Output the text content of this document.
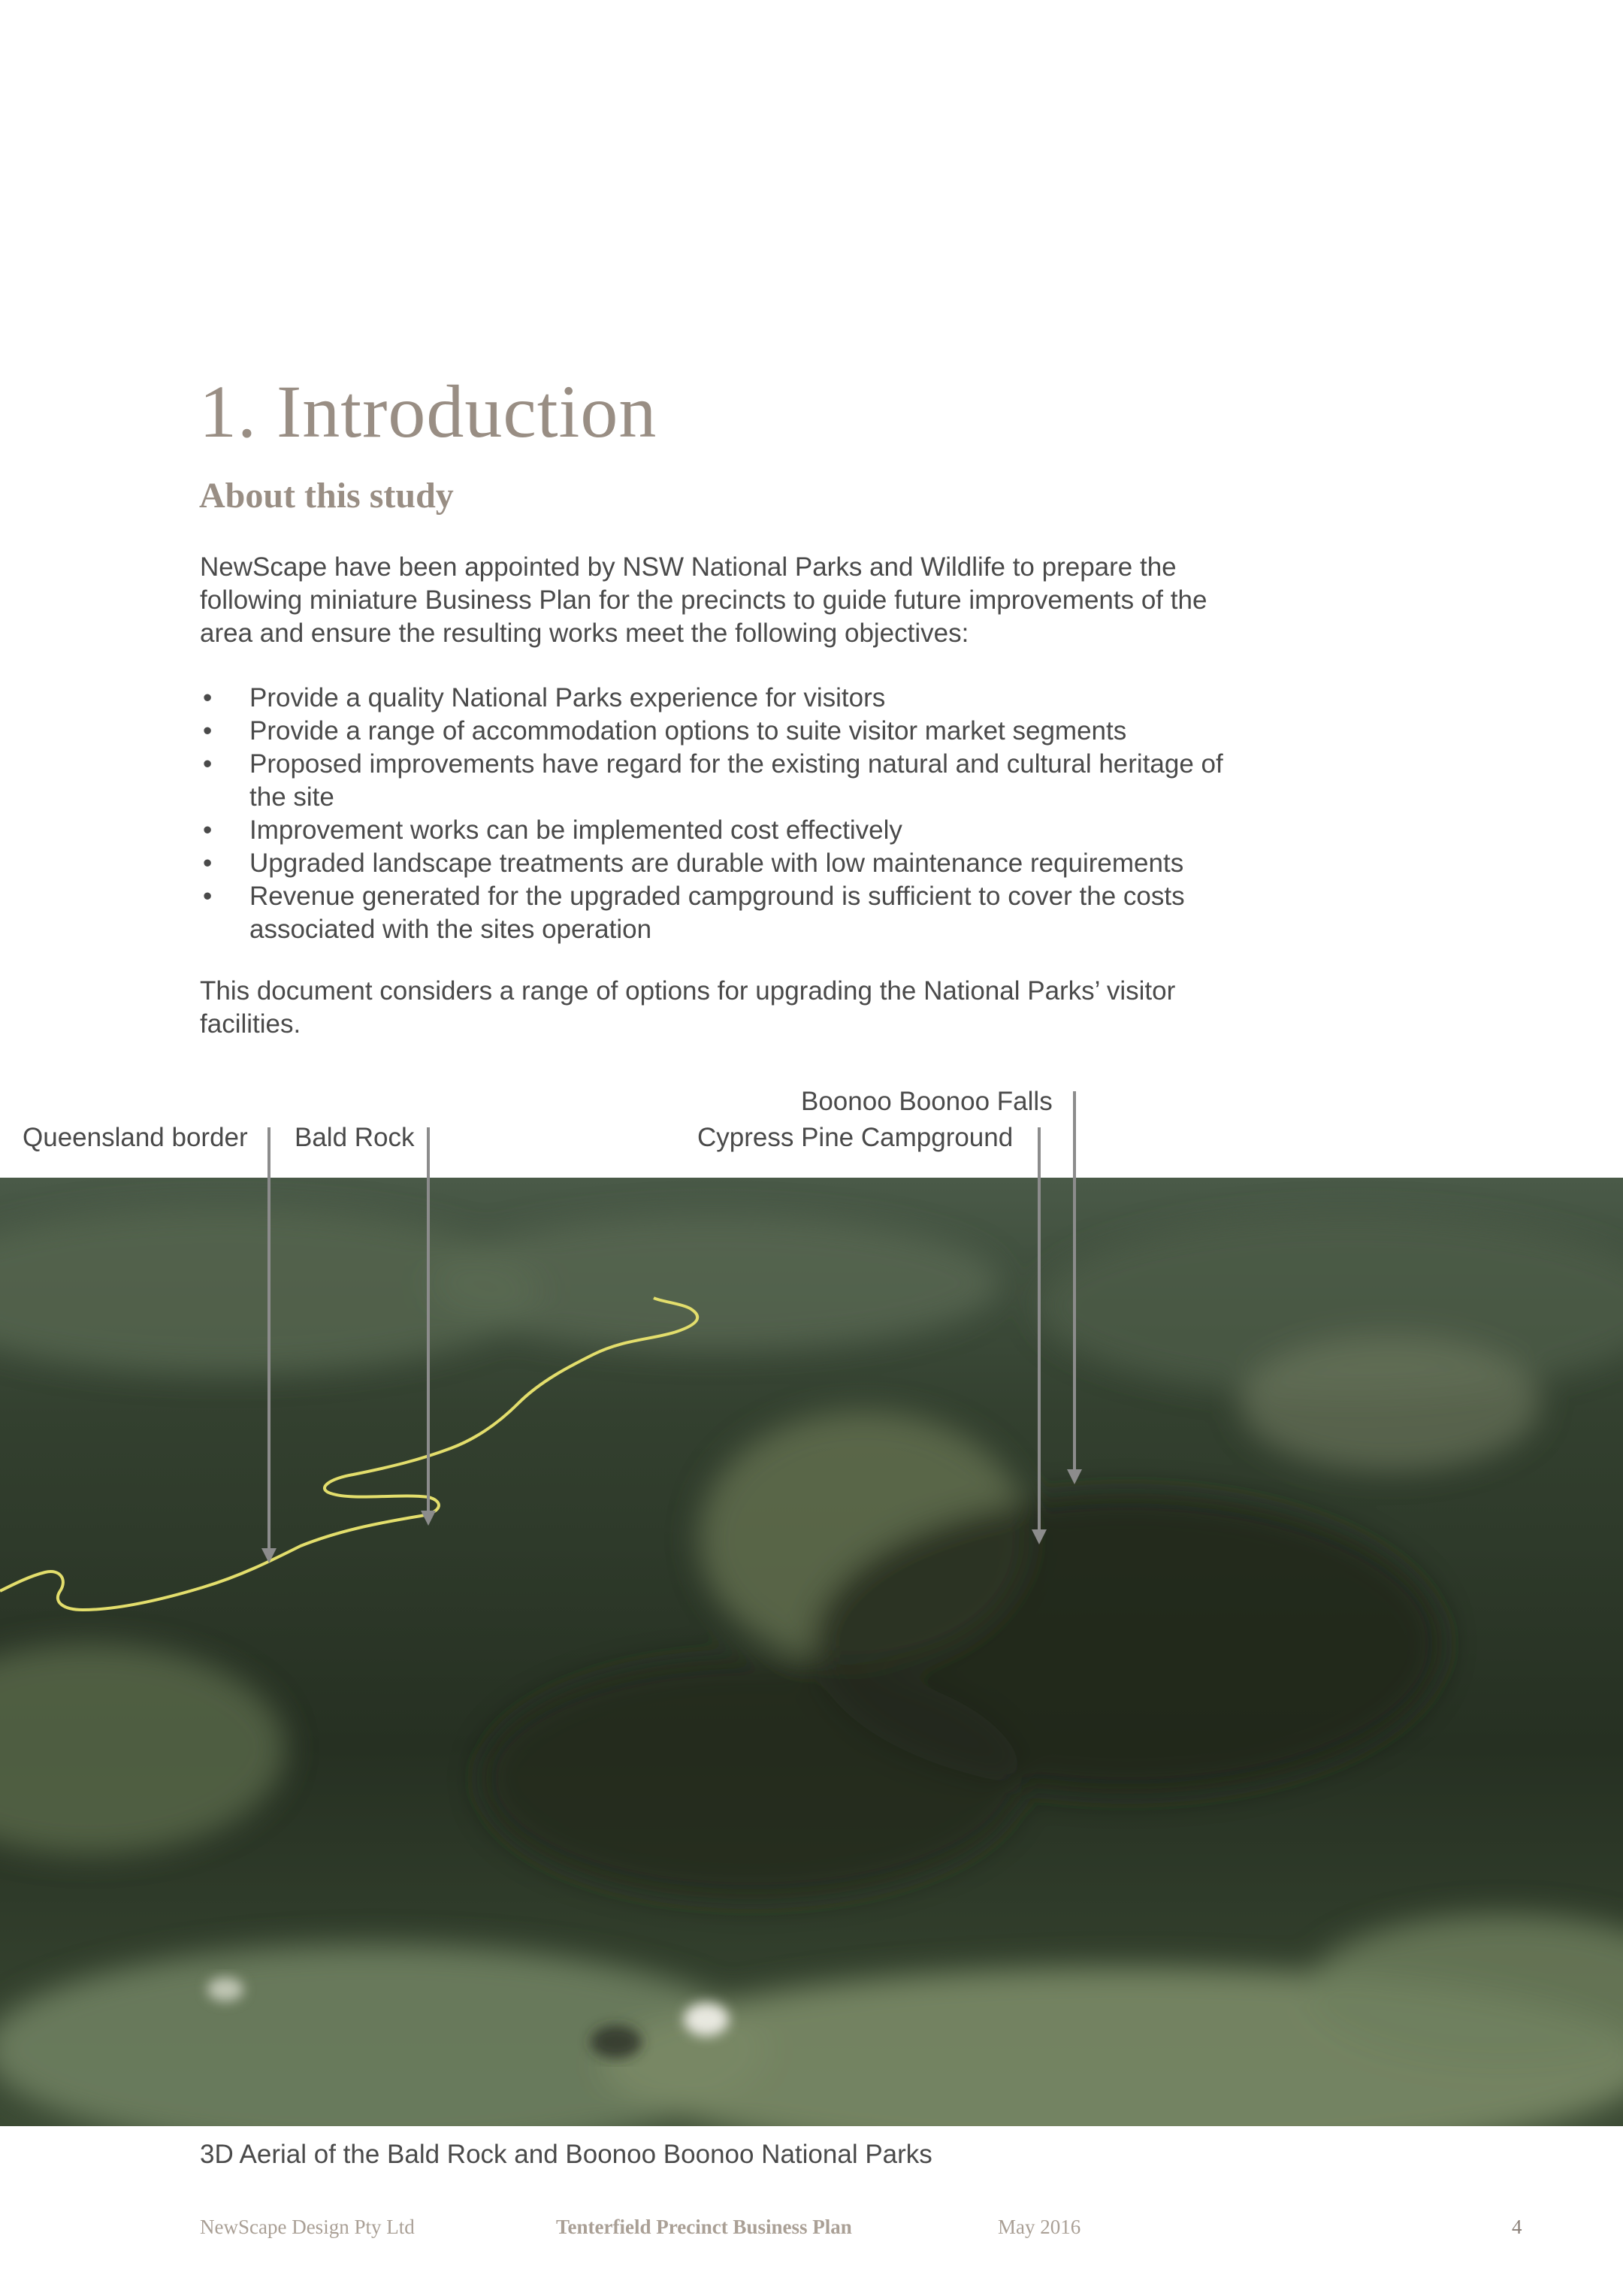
1. Introduction
About this study

NewScape have been appointed by NSW National Parks and Wildlife to prepare the following miniature Business Plan for the precincts to guide future improvements of the area and ensure the resulting works meet the following objectives:

• Provide a quality National Parks experience for visitors
• Provide a range of accommodation options to suite visitor market segments
• Proposed improvements have regard for the existing natural and cultural heritage of the site
• Improvement works can be implemented cost effectively
• Upgraded landscape treatments are durable with low maintenance requirements
• Revenue generated for the upgraded campground is sufficient to cover the costs associated with the sites operation

This document considers a range of options for upgrading the National Parks’ visitor facilities.

Queensland border Bald Rock
Boonoo Boonoo Falls
Cypress Pine Campground
3D Aerial of the Bald Rock and Boonoo Boonoo National Parks
NewScape Design Pty Ltd	Tenterfield Precinct Business Plan	May 2016	4
